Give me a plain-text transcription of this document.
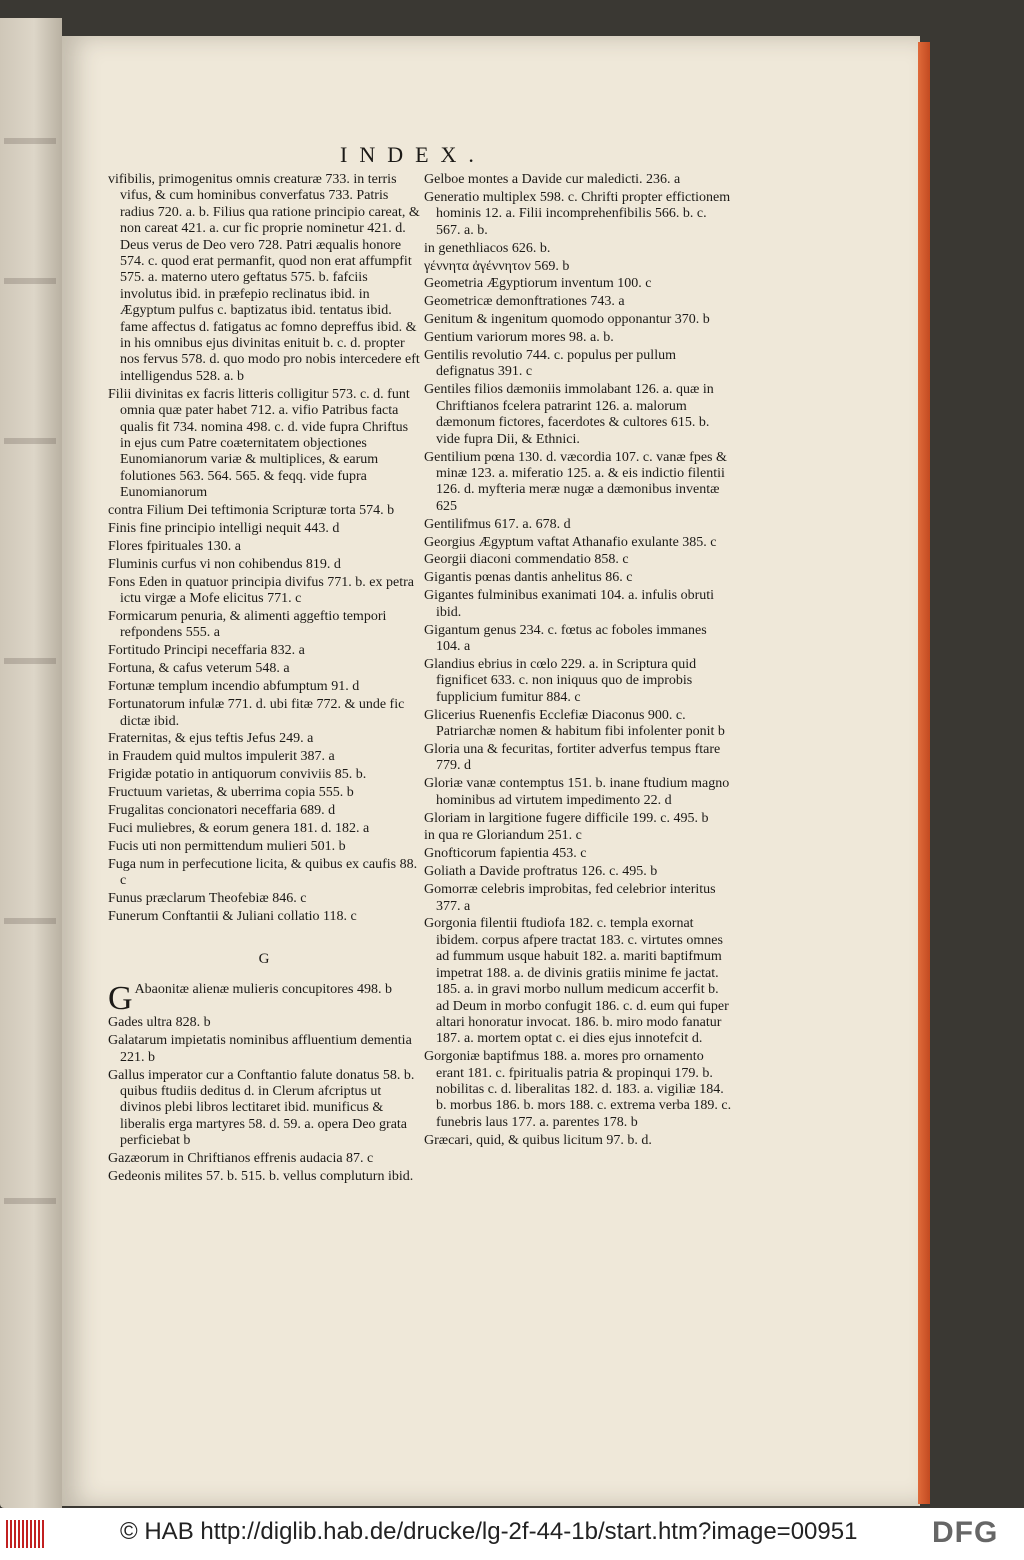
INDEX.
vifibilis, primogenitus omnis creaturæ 733. in terris vifus, & cum hominibus converfatus 733. Patris radius 720. a. b. Filius qua ratione principio careat, & non careat 421. a. cur fic proprie nominetur 421. d. Deus verus de Deo vero 728. Patri æqualis honore 574. c. quod erat permanfit, quod non erat affumpfit 575. a. materno utero geftatus 575. b. fafciis involutus ibid. in præfepio reclinatus ibid. in Ægyptum pulfus c. baptizatus ibid. tentatus ibid. fame affectus d. fatigatus ac fomno depreffus ibid. & in his omnibus ejus divinitas enituit b. c. d. propter nos fervus 578. d. quo modo pro nobis intercedere eft intelligendus 528. a. b
Filii divinitas ex facris litteris colligitur 573. c. d. funt omnia quæ pater habet 712. a. vifio Patribus facta qualis fit 734. nomina 498. c. d. vide fupra Chriftus in ejus cum Patre coæternitatem objectiones Eunomianorum variæ & multiplices, & earum folutiones 563. 564. 565. & feqq. vide fupra Eunomianorum
contra Filium Dei teftimonia Scripturæ torta 574. b
Finis fine principio intelligi nequit 443. d
Flores fpirituales 130. a
Fluminis curfus vi non cohibendus 819. d
Fons Eden in quatuor principia divifus 771. b. ex petra ictu virgæ a Mofe elicitus 771. c
Formicarum penuria, & alimenti aggeftio tempori refpondens 555. a
Fortitudo Principi neceffaria 832. a
Fortuna, & cafus veterum 548. a
Fortunæ templum incendio abfumptum 91. d
Fortunatorum infulæ 771. d. ubi fitæ 772. & unde fic dictæ ibid.
Fraternitas, & ejus teftis Jefus 249. a
in Fraudem quid multos impulerit 387. a
Frigidæ potatio in antiquorum conviviis 85. b.
Fructuum varietas, & uberrima copia 555. b
Frugalitas concionatori neceffaria 689. d
Fuci muliebres, & eorum genera 181. d. 182. a
Fucis uti non permittendum mulieri 501. b
Fuga num in perfecutione licita, & quibus ex caufis 88. c
Funus præclarum Theofebiæ 846. c
Funerum Conftantii & Juliani collatio 118. c
G
G Abaonitæ alienæ mulieris concupitores 498. b
Gades ultra 828. b
Galatarum impietatis nominibus affluentium dementia 221. b
Gallus imperator cur a Conftantio falute donatus 58. b. quibus ftudiis deditus d. in Clerum afcriptus ut divinos plebi libros lectitaret ibid. munificus & liberalis erga martyres 58. d. 59. a. opera Deo grata perficiebat b
Gazæorum in Chriftianos effrenis audacia 87. c
Gedeonis milites 57. b. 515. b. vellus compluturn ibid.
Gelboe montes a Davide cur maledicti. 236. a
Generatio multiplex 598. c. Chrifti propter effictionem hominis 12. a. Filii incomprehenfibilis 566. b. c. 567. a. b.
in genethliacos 626. b.
γέννητα ἀγέννητον 569. b
Geometria Ægyptiorum inventum 100. c
Geometricæ demonftrationes 743. a
Genitum & ingenitum quomodo opponantur 370. b
Gentium variorum mores 98. a. b.
Gentilis revolutio 744. c. populus per pullum defignatus 391. c
Gentiles filios dæmoniis immolabant 126. a. quæ in Chriftianos fcelera patrarint 126. a. malorum dæmonum fictores, facerdotes & cultores 615. b. vide fupra Dii, & Ethnici.
Gentilium pœna 130. d. væcordia 107. c. vanæ fpes & minæ 123. a. miferatio 125. a. & eis indictio filentii 126. d. myfteria meræ nugæ a dæmonibus inventæ 625
Gentilifmus 617. a. 678. d
Georgius Ægyptum vaftat Athanafio exulante 385. c
Georgii diaconi commendatio 858. c
Gigantis pœnas dantis anhelitus 86. c
Gigantes fulminibus exanimati 104. a. infulis obruti ibid.
Gigantum genus 234. c. fœtus ac foboles immanes 104. a
Glandius ebrius in cœlo 229. a. in Scriptura quid fignificet 633. c. non iniquus quo de improbis fupplicium fumitur 884. c
Glicerius Ruenenfis Ecclefiæ Diaconus 900. c. Patriarchæ nomen & habitum fibi infolenter ponit b
Gloria una & fecuritas, fortiter adverfus tempus ftare 779. d
Gloriæ vanæ contemptus 151. b. inane ftudium magno hominibus ad virtutem impedimento 22. d
Gloriam in largitione fugere difficile 199. c. 495. b
in qua re Gloriandum 251. c
Gnofticorum fapientia 453. c
Goliath a Davide proftratus 126. c. 495. b
Gomorræ celebris improbitas, fed celebrior interitus 377. a
Gorgonia filentii ftudiofa 182. c. templa exornat ibidem. corpus afpere tractat 183. c. virtutes omnes ad fummum usque habuit 182. a. mariti baptifmum impetrat 188. a. de divinis gratiis minime fe jactat. 185. a. in gravi morbo nullum medicum accerfit b. ad Deum in morbo confugit 186. c. d. eum qui fuper altari honoratur invocat. 186. b. miro modo fanatur 187. a. mortem optat c. ei dies ejus innotefcit d.
Gorgoniæ baptifmus 188. a. mores pro ornamento erant 181. c. fpiritualis patria & propinqui 179. b. nobilitas c. d. liberalitas 182. d. 183. a. vigiliæ 184. b. morbus 186. b. mors 188. c. extrema verba 189. c. funebris laus 177. a. parentes 178. b
Græcari, quid, & quibus licitum 97. b. d.
© HAB http://diglib.hab.de/drucke/lg-2f-44-1b/start.htm?image=00951 DFG
